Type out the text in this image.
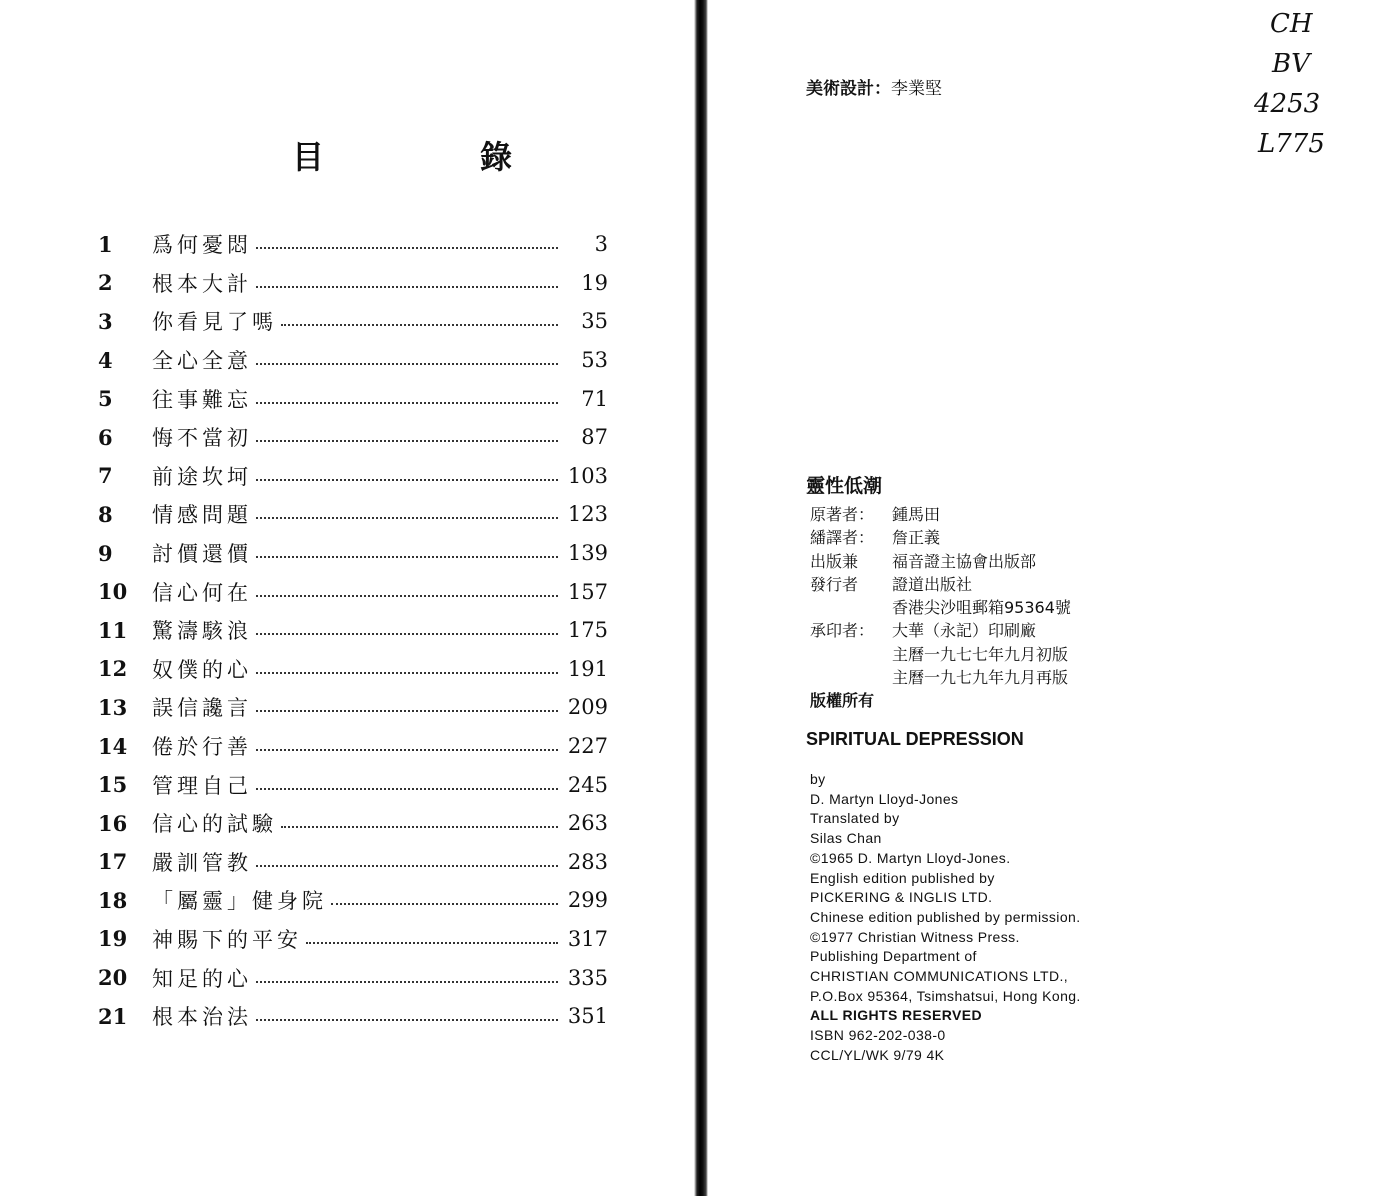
目　錄
1	爲何憂悶	3
2	根本大計	19
3	你看見了嗎	35
4	全心全意	53
5	往事難忘	71
6	悔不當初	87
7	前途坎坷	103
8	情感問題	123
9	討價還價	139
10	信心何在	157
11	驚濤駭浪	175
12	奴僕的心	191
13	誤信讒言	209
14	倦於行善	227
15	管理自己	245
16	信心的試驗	263
17	嚴訓管教	283
18	「屬靈」健身院	299
19	神賜下的平安	317
20	知足的心	335
21	根本治法	351
美術設計：李業堅
CH
BV
4253
L775
靈性低潮
原著者：	鍾馬田
繙譯者：	詹正義
出版兼	福音證主協會出版部
發行者	證道出版社
香港尖沙咀郵箱95364號
承印者：	大華（永記）印刷廠
主曆一九七七年九月初版
主曆一九七九年九月再版
版權所有
SPIRITUAL DEPRESSION
by
D. Martyn Lloyd-Jones
Translated by
Silas Chan
©1965 D. Martyn Lloyd-Jones.
English edition published by
PICKERING & INGLIS LTD.
Chinese edition published by permission.
©1977 Christian Witness Press.
Publishing Department of
CHRISTIAN COMMUNICATIONS LTD.,
P.O.Box 95364, Tsimshatsui, Hong Kong.
ALL RIGHTS RESERVED
ISBN 962-202-038-0
CCL/YL/WK 9/79 4K
